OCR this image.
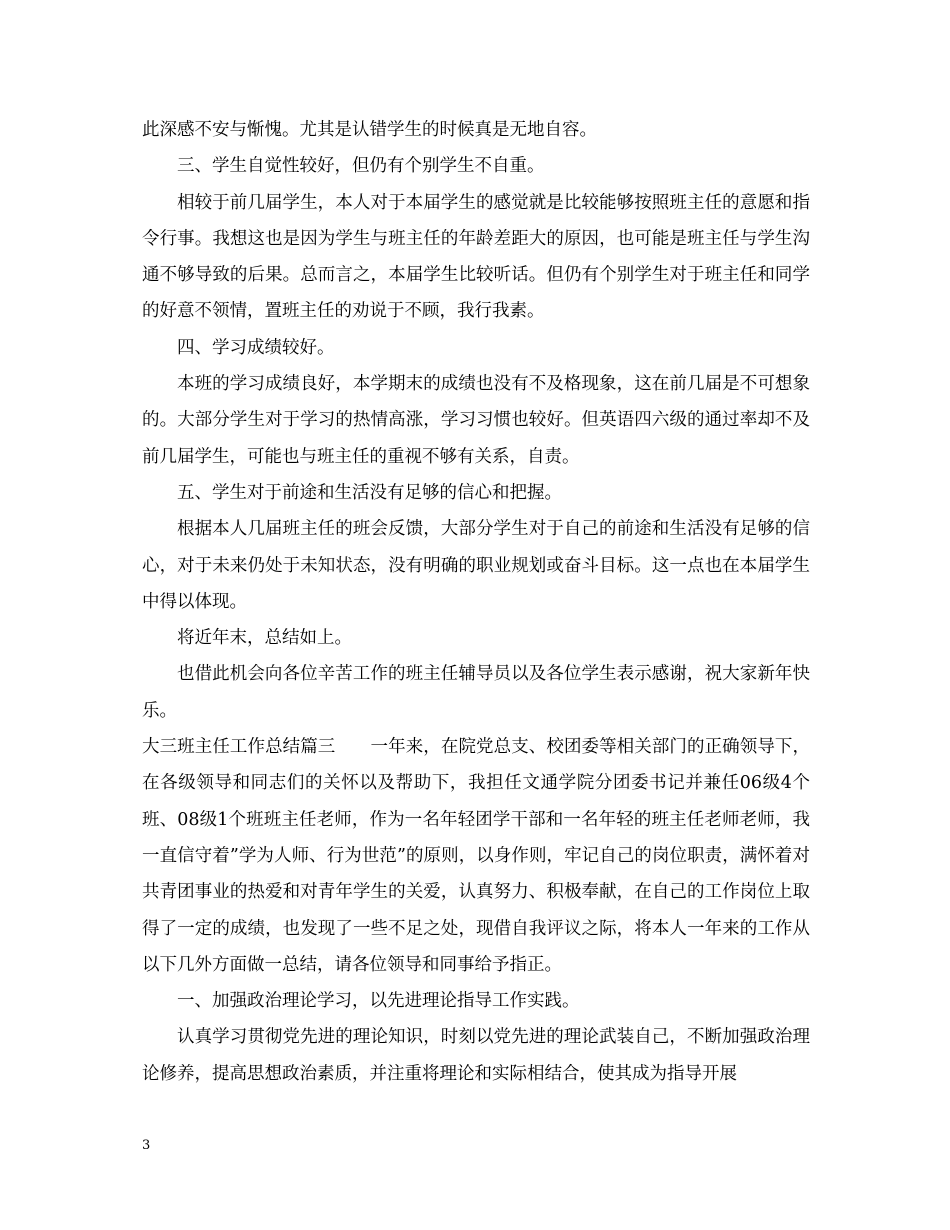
此深感不安与惭愧。尤其是认错学生的时候真是无地自容。

三、学生自觉性较好，但仍有个别学生不自重。

相较于前几届学生，本人对于本届学生的感觉就是比较能够按照班主任的意愿和指令行事。我想这也是因为学生与班主任的年龄差距大的原因，也可能是班主任与学生沟通不够导致的后果。总而言之，本届学生比较听话。但仍有个别学生对于班主任和同学的好意不领情，置班主任的劝说于不顾，我行我素。

四、学习成绩较好。

本班的学习成绩良好，本学期末的成绩也没有不及格现象，这在前几届是不可想象的。大部分学生对于学习的热情高涨，学习习惯也较好。但英语四六级的通过率却不及前几届学生，可能也与班主任的重视不够有关系，自责。

五、学生对于前途和生活没有足够的信心和把握。

根据本人几届班主任的班会反馈，大部分学生对于自己的前途和生活没有足够的信心，对于未来仍处于未知状态，没有明确的职业规划或奋斗目标。这一点也在本届学生中得以体现。

将近年末，总结如上。

也借此机会向各位辛苦工作的班主任辅导员以及各位学生表示感谢，祝大家新年快乐。

大三班主任工作总结篇三　　一年来，在院党总支、校团委等相关部门的正确领导下，在各级领导和同志们的关怀以及帮助下，我担任文通学院分团委书记并兼任06级4个班、08级1个班班主任老师，作为一名年轻团学干部和一名年轻的班主任老师老师，我一直信守着”学为人师、行为世范”的原则，以身作则，牢记自己的岗位职责，满怀着对共青团事业的热爱和对青年学生的关爱，认真努力、积极奉献，在自己的工作岗位上取得了一定的成绩，也发现了一些不足之处，现借自我评议之际，将本人一年来的工作从以下几外方面做一总结，请各位领导和同事给予指正。

一、加强政治理论学习，以先进理论指导工作实践。

认真学习贯彻党先进的理论知识，时刻以党先进的理论武装自己，不断加强政治理论修养，提高思想政治素质，并注重将理论和实际相结合，使其成为指导开展

3
